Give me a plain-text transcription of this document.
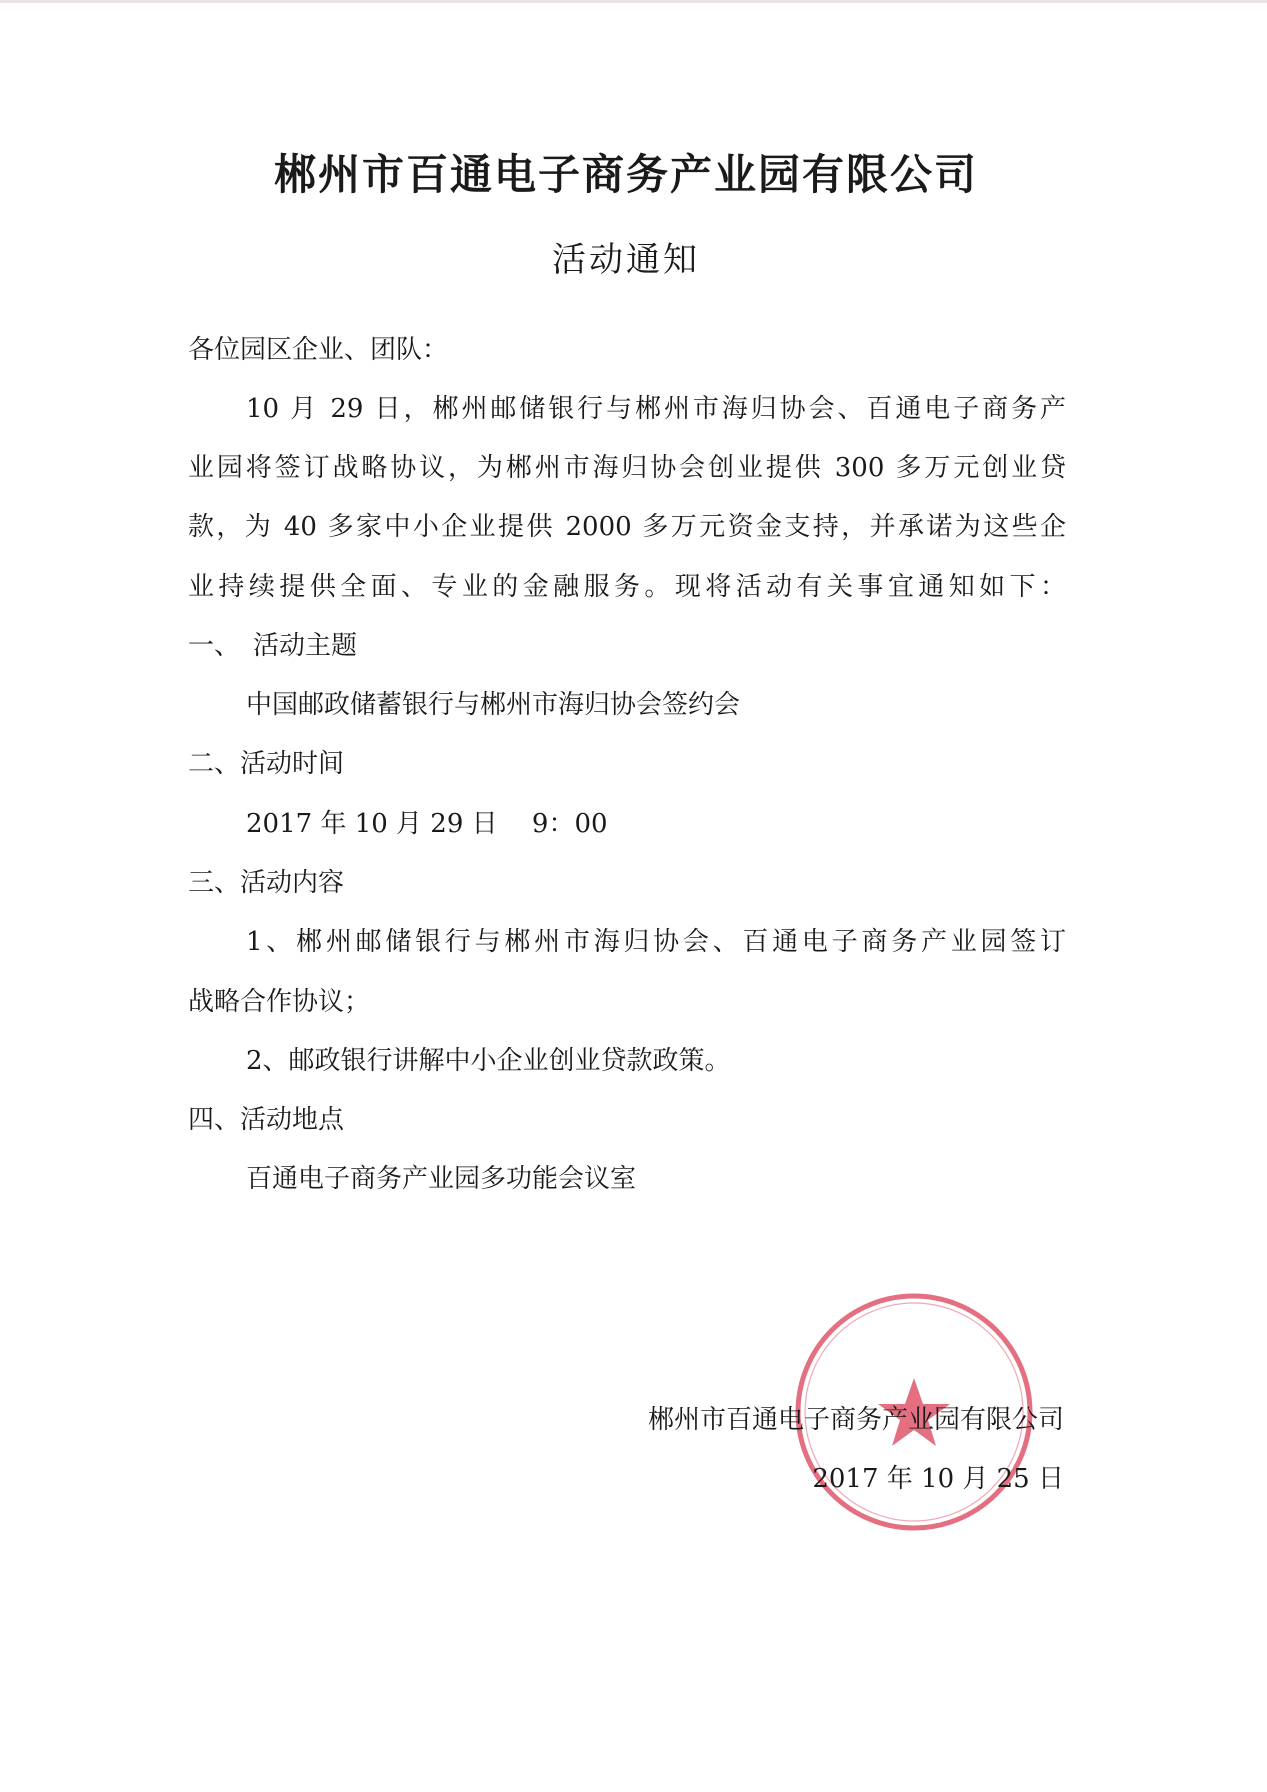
郴州市百通电子商务产业园有限公司
活动通知
各位园区企业、团队：
10 月 29 日，郴州邮储银行与郴州市海归协会、百通电子商务产
业园将签订战略协议，为郴州市海归协会创业提供 300 多万元创业贷
款，为 40 多家中小企业提供 2000 多万元资金支持，并承诺为这些企
业持续提供全面、专业的金融服务。现将活动有关事宜通知如下：
一、　活动主题
中国邮政储蓄银行与郴州市海归协会签约会
二、活动时间
2017 年 10 月 29 日　 9：00
三、活动内容
1、郴州邮储银行与郴州市海归协会、百通电子商务产业园签订
战略合作协议；
2、邮政银行讲解中小企业创业贷款政策。
四、活动地点
百通电子商务产业园多功能会议室
郴州市百通电子商务产业园有限公司
2017 年 10 月 25 日
